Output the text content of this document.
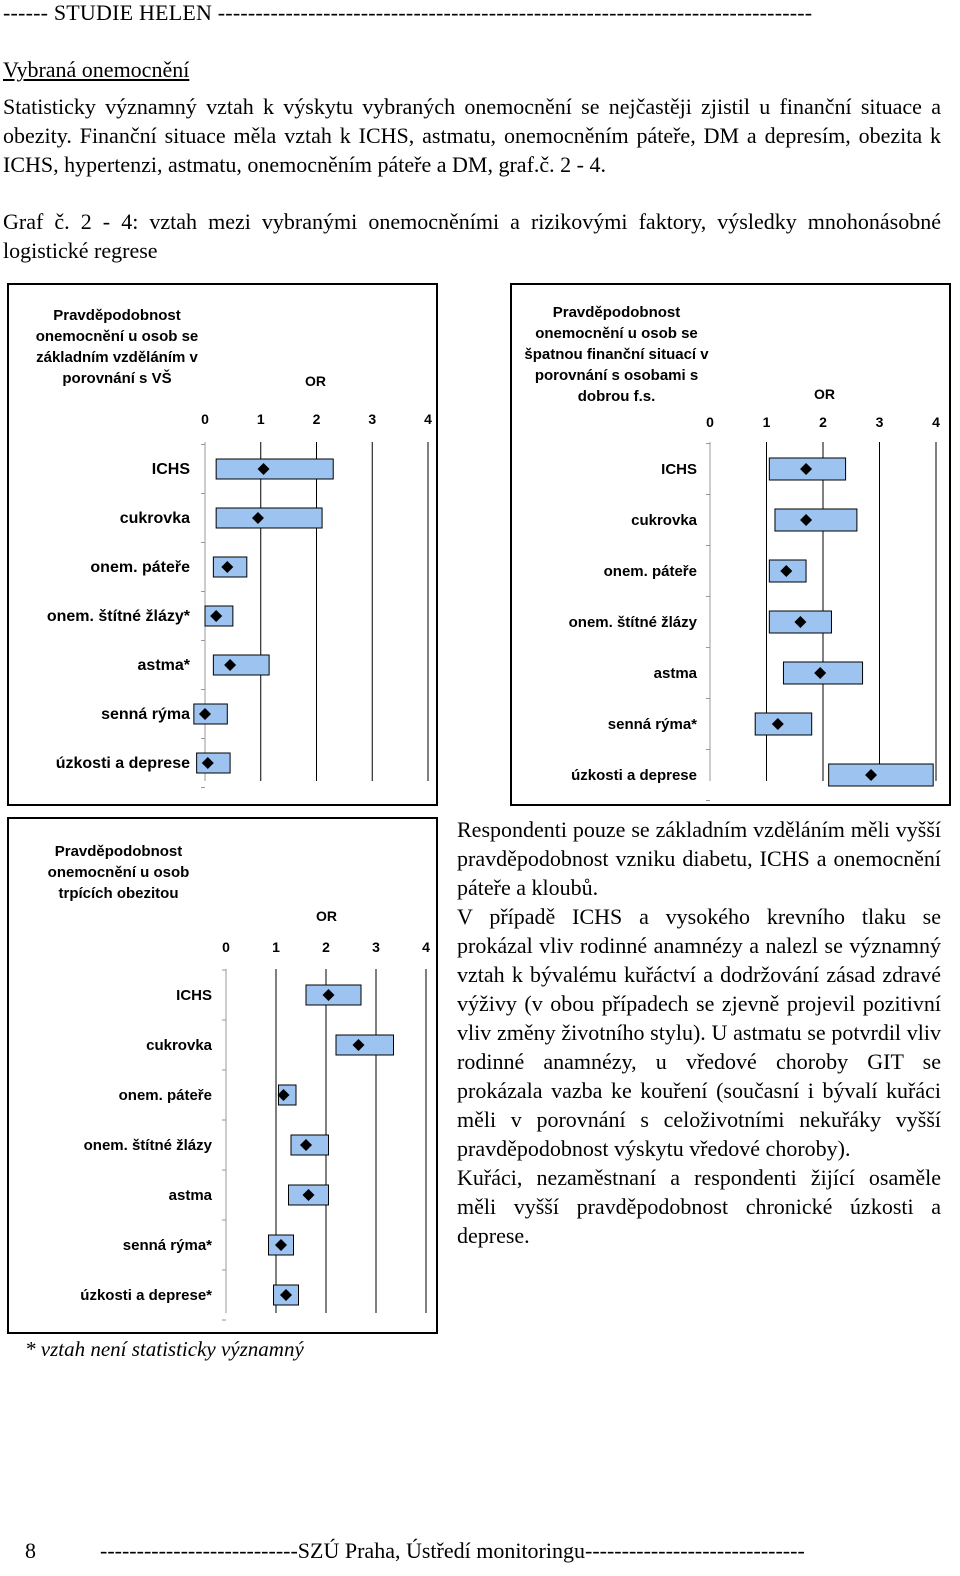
------ STUDIE HELEN -------------------------------------------------------------------------------
Vybraná onemocnění
Statisticky významný vztah k výskytu vybraných onemocnění se nejčastěji zjistil u finanční situace a obezity. Finanční situace měla vztah k ICHS, astmatu, onemocněním páteře, DM a depresím, obezita k ICHS, hypertenzi, astmatu, onemocněním páteře a DM, graf.č. 2 - 4.
Graf č. 2 - 4: vztah mezi vybranými onemocněními a rizikovými faktory, výsledky mnohonásobné logistické regrese
Pravděpodobnost onemocnění u osob se základním vzděláním v porovnání s VŠ	OR
0	1	2	3	4
ICHS
cukrovka
onem. páteře
onem. štítné žlázy*
astma*
senná rýma
úzkosti a deprese
Pravděpodobnost onemocnění u osob se špatnou finanční situací v porovnání s osobami s dobrou f.s.	OR
0	1	2	3	4
ICHS
cukrovka
onem. páteře
onem. štítné žlázy
astma
senná rýma*
úzkosti a deprese
Pravděpodobnost onemocnění u osob trpících obezitou
OR
0	1	2	3	4
ICHS
cukrovka
onem. páteře
onem. štítné žlázy
astma
senná rýma*
úzkosti a deprese*

Respondenti pouze se základním vzděláním měli vyšší pravděpodobnost vzniku diabetu, ICHS a onemocnění páteře a kloubů.

V případě ICHS a vysokého krevního tlaku se prokázal vliv rodinné anamnézy a nalezl se významný vztah k bývalému kuřáctví a dodržování zásad zdravé výživy (v obou případech se zjevně projevil pozitivní vliv změny životního stylu). U astmatu se potvrdil vliv rodinné anamnézy, u vředové choroby GIT se prokázala vazba ke kouření (současní i bývalí kuřáci měli v porovnání s celoživotními nekuřáky vyšší pravděpodobnost výskytu vředové choroby).

Kuřáci, nezaměstnaní a respondenti žijící osaměle měli vyšší pravděpodobnost chronické úzkosti a deprese.

* vztah není statisticky významný
8	---------------------------SZÚ Praha, Ústředí monitoringu------------------------------
